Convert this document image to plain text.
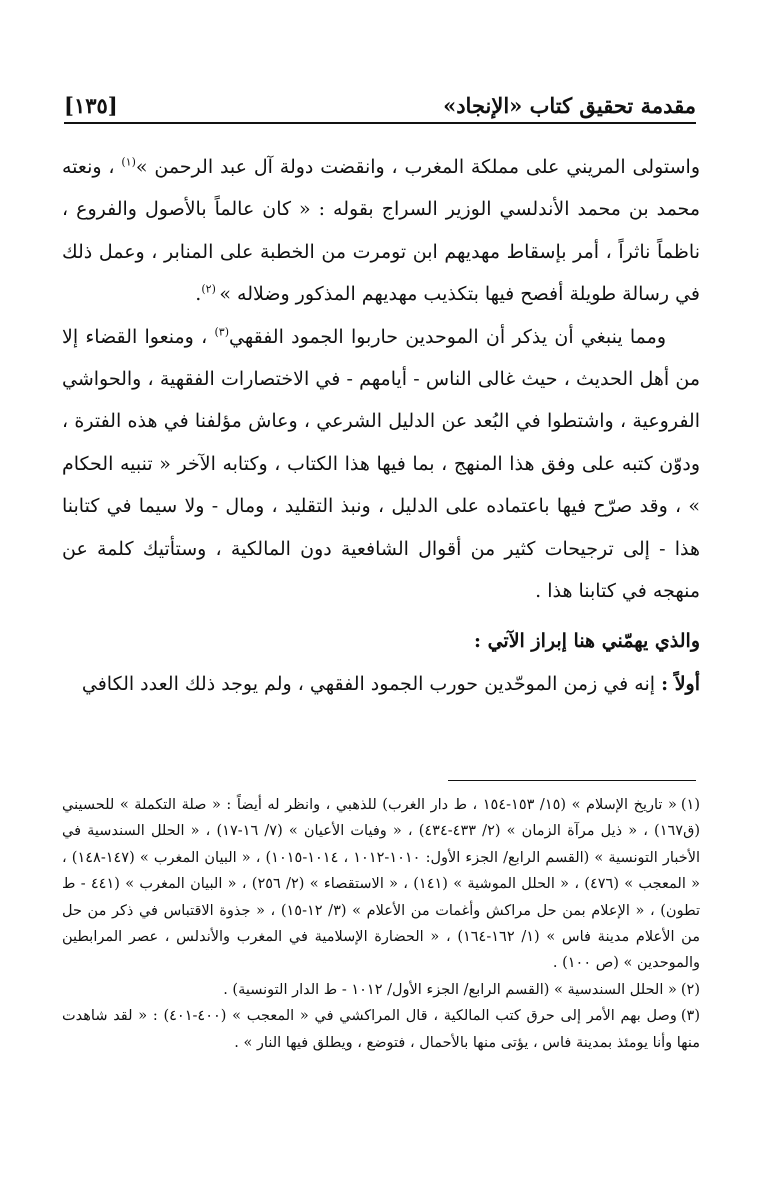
مقدمة تحقيق كتاب «الإنجاد»
[١٣٥]

واستولى المريني على مملكة المغرب ، وانقضت دولة آل عبد الرحمن »$^{(١)}$ ، ونعته محمد بن محمد الأندلسي الوزير السراج بقوله : « كان عالماً بالأصول والفروع ، ناظماً ناثراً ، أمر بإسقاط مهديهم ابن تومرت من الخطبة على المنابر ، وعمل ذلك في رسالة طويلة أفصح فيها بتكذيب مهديهم المذكور وضلاله » $^{(٢)}$.

ومما ينبغي أن يذكر أن الموحدين حاربوا الجمود الفقهي$^{(٣)}$ ، ومنعوا القضاء إلا من أهل الحديث ، حيث غالى الناس - أيامهم - في الاختصارات الفقهية ، والحواشي الفروعية ، واشتطوا في البُعد عن الدليل الشرعي ، وعاش مؤلفنا في هذه الفترة ، ودوّن كتبه على وفق هذا المنهج ، بما فيها هذا الكتاب ، وكتابه الآخر « تنبيه الحكام » ، وقد صرّح فيها باعتماده على الدليل ، ونبذ التقليد ، ومال - ولا سيما في كتابنا هذا - إلى ترجيحات كثير من أقوال الشافعية دون المالكية ، وستأتيك كلمة عن منهجه في كتابنا هذا .

والذي يهمّني هنا إبراز الآتي :

أولاً : إنه في زمن الموحّدين حورب الجمود الفقهي ، ولم يوجد ذلك العدد الكافي

(١)« تاريخ الإسلام » (١٥/ ١٥٣-١٥٤ ، ط دار الغرب) للذهبي ، وانظر له أيضاً : « صلة التكملة » للحسيني (ق١٦٧) ، « ذيل مرآة الزمان » (٢/ ٤٣٣-٤٣٤) ، « وفيات الأعيان » (٧/ ١٦-١٧) ، « الحلل السندسية في الأخبار التونسية » (القسم الرابع/ الجزء الأول: ١٠١٠-١٠١٢ ، ١٠١٤-١٠١٥) ، « البيان المغرب » (١٤٧-١٤٨) ، « المعجب » (٤٧٦) ، « الحلل الموشية » (١٤١) ، « الاستقصاء » (٢/ ٢٥٦) ، « البيان المغرب » (٤٤١ - ط تطون) ، « الإعلام بمن حل مراكش وأغمات من الأعلام » (٣/ ١٢-١٥) ، « جذوة الاقتباس في ذكر من حل من الأعلام مدينة فاس » (١/ ١٦٢-١٦٤) ، « الحضارة الإسلامية في المغرب والأندلس ، عصر المرابطين والموحدين » (ص ١٠٠) .

(٢)« الحلل السندسية » (القسم الرابع/ الجزء الأول/ ١٠١٢ - ط الدار التونسية) .

(٣)وصل بهم الأمر إلى حرق كتب المالكية ، قال المراكشي في « المعجب » (٤٠٠-٤٠١) : « لقد شاهدت منها وأنا يومئذ بمدينة فاس ، يؤتى منها بالأحمال ، فتوضع ، ويطلق فيها النار » .
